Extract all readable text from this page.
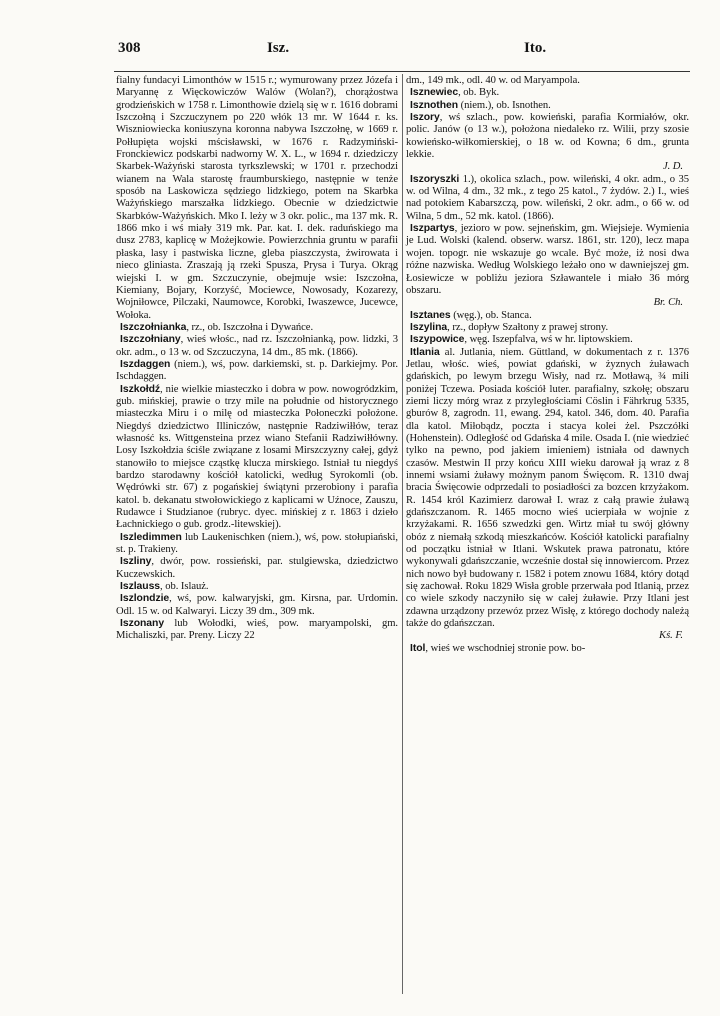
308	Isz.	Ito.

fialny fundacyi Limonthów w 1515 r.; wymurowany przez Józefa i Maryannę z Więckowiczów Walów (Wolan?), chorążostwa grodzieńskich w 1758 r. Limonthowie dzielą się w r. 1616 dobrami Iszczołną i Szczuczynem po 220 włók 13 mr. W 1644 r. ks. Wiszniowiecka koniuszyna koronna nabywa Iszczołnę, w 1669 r. Połłupięta wojski mścisławski, w 1676 r. Radzymiński-Fronckiewicz podskarbi nadworny W. X. L., w 1694 r. dziedziczy Skarbek-Ważyński starosta tyrkszlewski; w 1701 r. przechodzi wianem na Wala starostę fraumburskiego, następnie w tenże sposób na Laskowicza sędziego lidzkiego, potem na Skarbka Ważyńskiego marszałka lidzkiego. Obecnie w dziedzictwie Skarbków-Ważyńskich. Mko I. leży w 3 okr. polic., ma 137 mk. R. 1866 mko i wś miały 319 mk. Par. kat. I. dek. raduńskiego ma dusz 2783, kaplicę w Możejkowie. Powierzchnia gruntu w parafii płaska, lasy i pastwiska liczne, gleba piaszczysta, żwirowata i nieco gliniasta. Zraszają ją rzeki Spusza, Prysa i Turya. Okrąg wiejski I. w gm. Szczuczynie, obejmuje wsie: Iszczołna, Kiemiany, Bojary, Korzyść, Mociewce, Nowosady, Kozarezy, Wojniłowce, Pilczaki, Naumowce, Korobki, Iwaszewce, Jucewce, Wołoka.

Iszczołnianka, rz., ob. Iszczołna i Dywańce.

Iszczołniany, wieś włośc., nad rz. Iszczołnianką, pow. lidzki, 3 okr. adm., o 13 w. od Szczuczyna, 14 dm., 85 mk. (1866).

Iszdaggen (niem.), wś, pow. darkiemski, st. p. Darkiejmy. Por. Ischdaggen.

Iszkołdź, nie wielkie miasteczko i dobra w pow. nowogródzkim, gub. mińskiej, prawie o trzy mile na południe od historycznego miasteczka Miru i o milę od miasteczka Połoneczki położone. Niegdyś dziedzictwo Illiniczów, następnie Radziwiłłów, teraz własność ks. Wittgensteina przez wiano Stefanii Radziwiłłówny. Losy Iszkołdzia ściśle związane z losami Mirszczyzny całej, gdyż stanowiło to miejsce cząstkę klucza mirskiego. Istniał tu niegdyś bardzo starodawny kościół katolicki, według Syrokomli (ob. Wędrówki str. 67) z pogańskiej świątyni przerobiony i parafia katol. b. dekanatu stwołowickiego z kaplicami w Uźnoce, Zauszu, Rudawce i Studzianoe (rubryc. dyec. mińskiej z r. 1863 i dzieło Łachnickiego o gub. grodz.-litewskiej).

Iszledimmen lub Laukenischken (niem.), wś, pow. stołupiański, st. p. Trakieny.

Iszliny, dwór, pow. rossieński, par. stulgiewska, dziedzictwo Kuczewskich.

Iszlauss, ob. Islauż.

Iszlondzie, wś, pow. kalwaryjski, gm. Kirsna, par. Urdomin. Odl. 15 w. od Kalwaryi. Liczy 39 dm., 309 mk.

Iszonany lub Wołodki, wieś, pow. maryampolski, gm. Michaliszki, par. Preny. Liczy 22

dm., 149 mk., odl. 40 w. od Maryampola.

Isznewiec, ob. Byk.

Isznothen (niem.), ob. Isnothen.

Iszory, wś szlach., pow. kowieński, parafia Kormiałów, okr. polic. Janów (o 13 w.), położona niedaleko rz. Wilii, przy szosie kowieńsko-wiłkomierskiej, o 18 w. od Kowna; 6 dm., grunta lekkie.
J. D.

Iszoryszki 1.), okolica szlach., pow. wileński, 4 okr. adm., o 35 w. od Wilna, 4 dm., 32 mk., z tego 25 katol., 7 żydów. 2.) I., wieś nad potokiem Kabarszczą, pow. wileński, 2 okr. adm., o 66 w. od Wilna, 5 dm., 52 mk. katol. (1866).

Iszpartys, jezioro w pow. sejneńskim, gm. Wiejsieje. Wymienia je Lud. Wolski (kalend. obserw. warsz. 1861, str. 120), lecz mapa wojen. topogr. nie wskazuje go wcale. Być może, iż nosi dwa różne nazwiska. Według Wolskiego leżało ono w dawniejszej gm. Łosiewicze w pobliżu jeziora Szławantele i miało 36 mórg obszaru.
Br. Ch.

Isztanes (węg.), ob. Stanca.

Iszylina, rz., dopływ Szałtony z prawej strony.

Iszypowice, węg. Iszepfalva, wś w hr. liptowskiem.

Itlania al. Jutlania, niem. Güttland, w dokumentach z r. 1376 Jetlau, włośc. wieś, powiat gdański, w żyznych żuławach gdańskich, po lewym brzegu Wisły, nad rz. Motławą, ¾ mili poniżej Tczewa. Posiada kościół luter. parafialny, szkołę; obszaru ziemi liczy mórg wraz z przyległościami Cöslin i Fährkrug 5335, gburów 8, zagrodn. 11, ewang. 294, katol. 346, dom. 40. Parafia dla katol. Miłobądz, poczta i stacya kolei żel. Pszczółki (Hohenstein). Odległość od Gdańska 4 mile. Osada I. (nie wiedzieć tylko na pewno, pod jakiem imieniem) istniała od dawnych czasów. Mestwin II przy końcu XIII wieku darował ją wraz z 8 innemi wsiami żuławy możnym panom Święcom. R. 1310 dwaj bracia Święcowie odprzedali to posiadłości za bozcen krzyżakom. R. 1454 król Kazimierz darował I. wraz z całą prawie żuławą gdańszczanom. R. 1465 mocno wieś ucierpiała w wojnie z krzyżakami. R. 1656 szwedzki gen. Wirtz miał tu swój główny obóz z niemałą szkodą mieszkańców. Kościół katolicki parafialny od początku istniał w Itlani. Wskutek prawa patronatu, które wykonywali gdańszczanie, wcześnie dostał się innowiercom. Przez nich nowo był budowany r. 1582 i potem znowu 1684, który dotąd się zachował. Roku 1829 Wisła groble przerwała pod Itlanią, przez co wiele szkody naczyniło się w całej żuławie. Przy Itlani jest zdawna urządzony przewóz przez Wisłę, z którego dochody należą także do gdańszczan.
Kś. F.

Itol, wieś we wschodniej stronie pow. bo-
